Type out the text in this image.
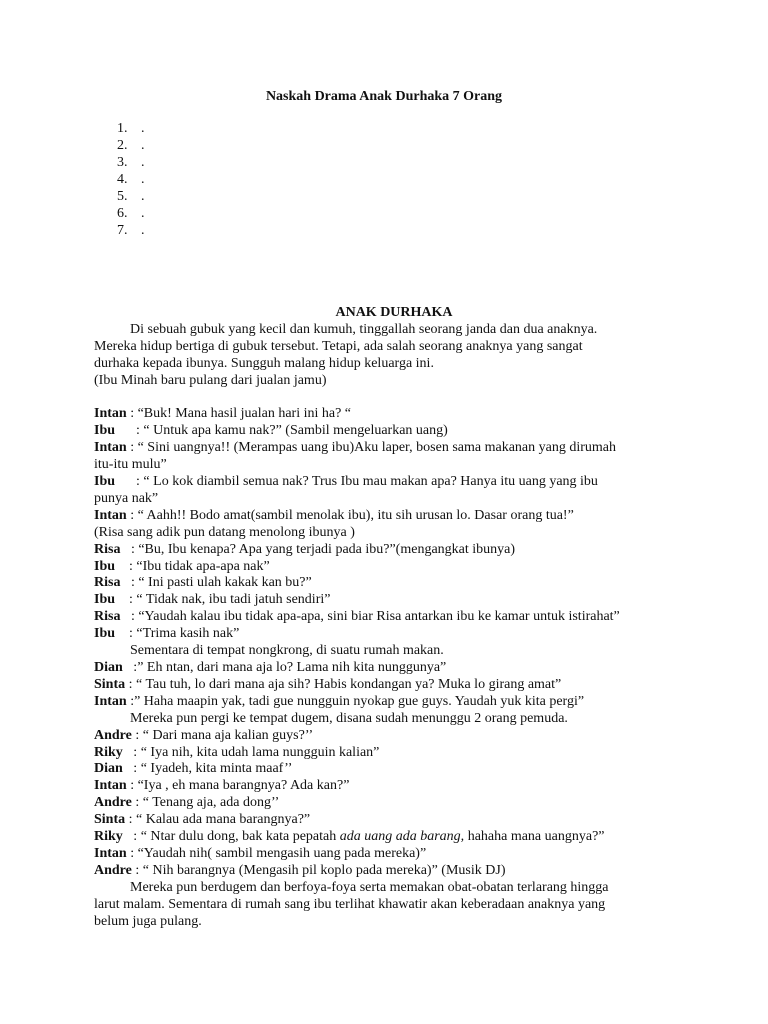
Naskah Drama Anak Durhaka 7 Orang
1. .
2. .
3. .
4. .
5. .
6. .
7. .

ANAK DURHAKA

Di sebuah gubuk yang kecil dan kumuh, tinggallah seorang janda dan dua anaknya.

Mereka hidup bertiga di gubuk tersebut. Tetapi, ada salah seorang anaknya yang sangat

durhaka kepada ibunya. Sungguh malang hidup keluarga ini.

(Ibu Minah baru pulang dari jualan jamu)

Intan : “Buk! Mana hasil jualan hari ini ha? “

Ibu      : “ Untuk apa kamu nak?” (Sambil mengeluarkan uang)

Intan : “ Sini uangnya!! (Merampas uang ibu)Aku laper, bosen sama makanan yang dirumah

itu-itu mulu”

Ibu      : “ Lo kok diambil semua nak? Trus Ibu mau makan apa? Hanya itu uang yang ibu

punya nak”

Intan : “ Aahh!! Bodo amat(sambil menolak ibu), itu sih urusan lo. Dasar orang tua!”

(Risa sang adik pun datang menolong ibunya )

Risa   : “Bu, Ibu kenapa? Apa yang terjadi pada ibu?”(mengangkat ibunya)

Ibu    : “Ibu tidak apa-apa nak”

Risa   : “ Ini pasti ulah kakak kan bu?”

Ibu    : “ Tidak nak, ibu tadi jatuh sendiri”

Risa   : “Yaudah kalau ibu tidak apa-apa, sini biar Risa antarkan ibu ke kamar untuk istirahat”

Ibu    : “Trima kasih nak”

Sementara di tempat nongkrong, di suatu rumah makan.

Dian   :” Eh ntan, dari mana aja lo? Lama nih kita nunggunya”

Sinta : “ Tau tuh, lo dari mana aja sih? Habis kondangan ya? Muka lo girang amat”

Intan :” Haha maapin yak, tadi gue nungguin nyokap gue guys. Yaudah yuk kita pergi”

Mereka pun pergi ke tempat dugem, disana sudah menunggu 2 orang pemuda.

Andre : “ Dari mana aja kalian guys?’’

Riky   : “ Iya nih, kita udah lama nungguin kalian”

Dian   : “ Iyadeh, kita minta maaf’’

Intan : “Iya , eh mana barangnya? Ada kan?”

Andre : “ Tenang aja, ada dong’’

Sinta : “ Kalau ada mana barangnya?”

Riky   : “ Ntar dulu dong, bak kata pepatah ada uang ada barang, hahaha mana uangnya?”

Intan : “Yaudah nih( sambil mengasih uang pada mereka)”

Andre : “ Nih barangnya (Mengasih pil koplo pada mereka)” (Musik DJ)

Mereka pun berdugem dan berfoya-foya serta memakan obat-obatan terlarang hingga

larut malam. Sementara di rumah sang ibu terlihat khawatir akan keberadaan anaknya yang

belum juga pulang.
